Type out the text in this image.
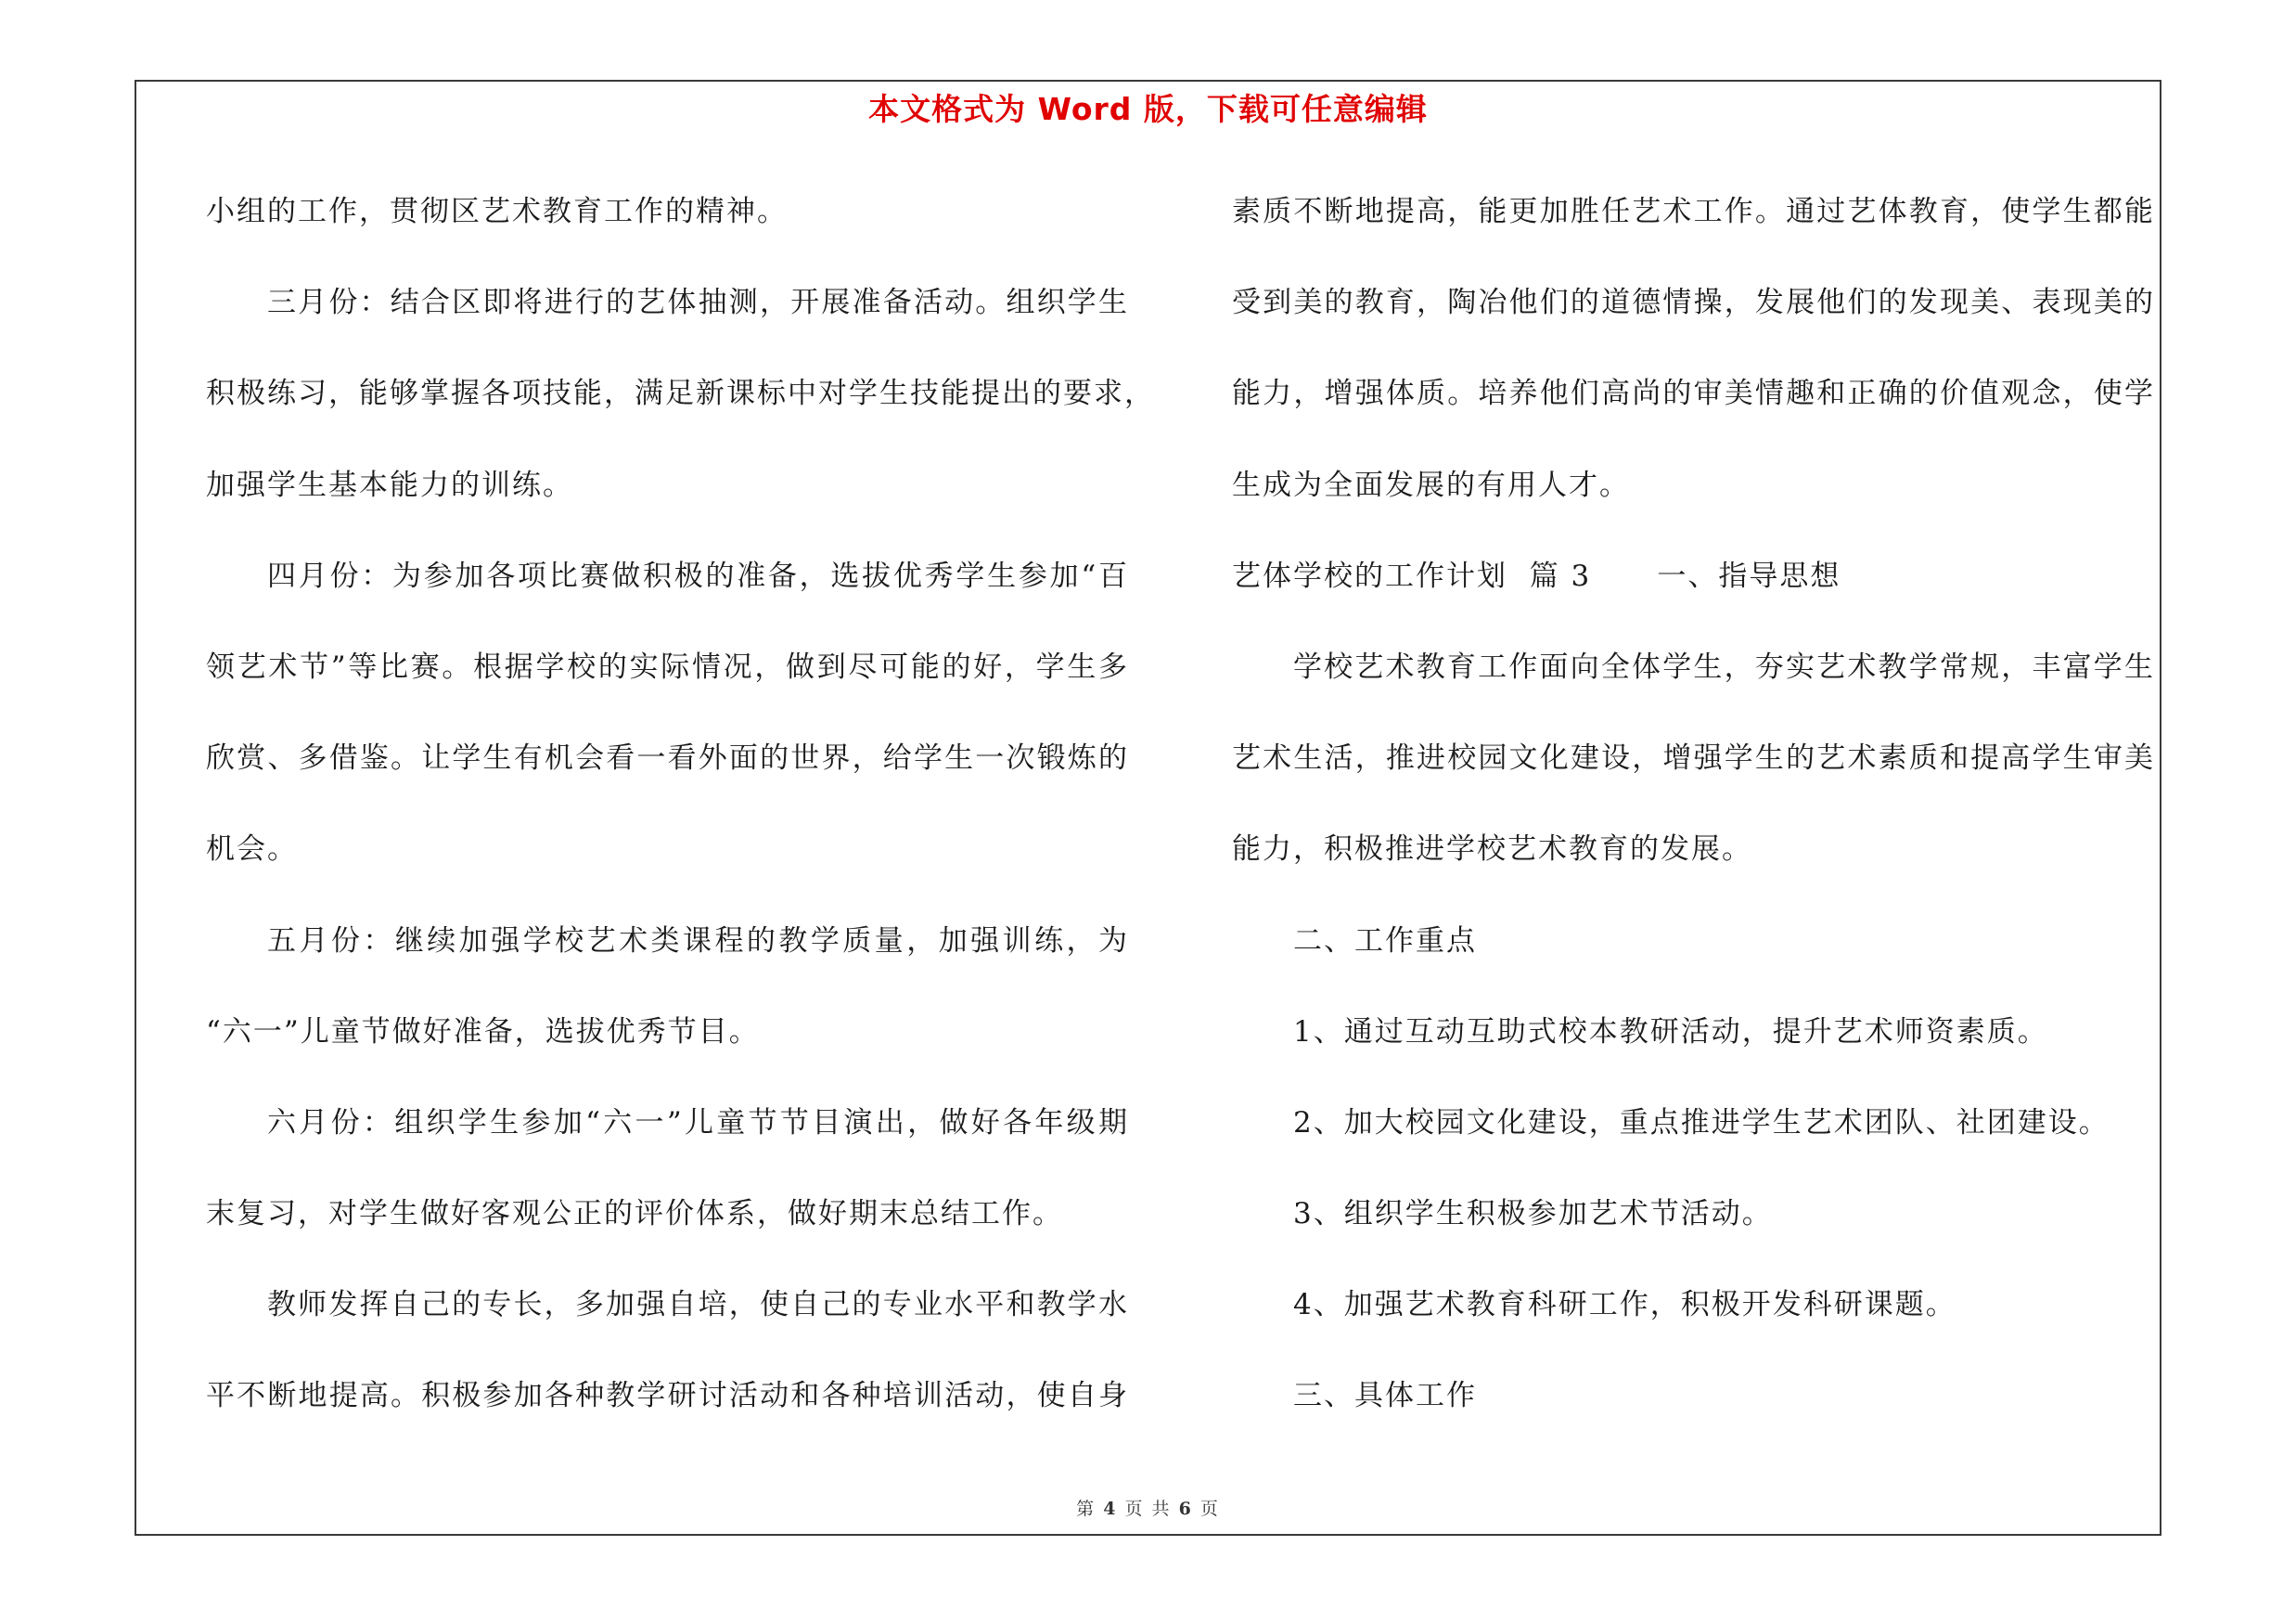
本文格式为 Word 版，下载可任意编辑
小组的工作，贯彻区艺术教育工作的精神。
三月份：结合区即将进行的艺体抽测，开展准备活动。组织学生
积极练习，能够掌握各项技能，满足新课标中对学生技能提出的要求，
加强学生基本能力的训练。
四月份：为参加各项比赛做积极的准备，选拔优秀学生参加“百
领艺术节”等比赛。根据学校的实际情况，做到尽可能的好，学生多
欣赏、多借鉴。让学生有机会看一看外面的世界，给学生一次锻炼的
机会。
五月份：继续加强学校艺术类课程的教学质量，加强训练，为
“六一”儿童节做好准备，选拔优秀节目。
六月份：组织学生参加“六一”儿童节节目演出，做好各年级期
末复习，对学生做好客观公正的评价体系，做好期末总结工作。
教师发挥自己的专长，多加强自培，使自己的专业水平和教学水
平不断地提高。积极参加各种教学研讨活动和各种培训活动，使自身
素质不断地提高，能更加胜任艺术工作。通过艺体教育，使学生都能
受到美的教育，陶冶他们的道德情操，发展他们的发现美、表现美的
能力，增强体质。培养他们高尚的审美情趣和正确的价值观念，使学
生成为全面发展的有用人才。
艺体学校的工作计划  篇 3      一、指导思想
学校艺术教育工作面向全体学生，夯实艺术教学常规，丰富学生
艺术生活，推进校园文化建设，增强学生的艺术素质和提高学生审美
能力，积极推进学校艺术教育的发展。
二、工作重点
1、通过互动互助式校本教研活动，提升艺术师资素质。
2、加大校园文化建设，重点推进学生艺术团队、社团建设。
3、组织学生积极参加艺术节活动。
4、加强艺术教育科研工作，积极开发科研课题。
三、具体工作
第 4 页 共 6 页
